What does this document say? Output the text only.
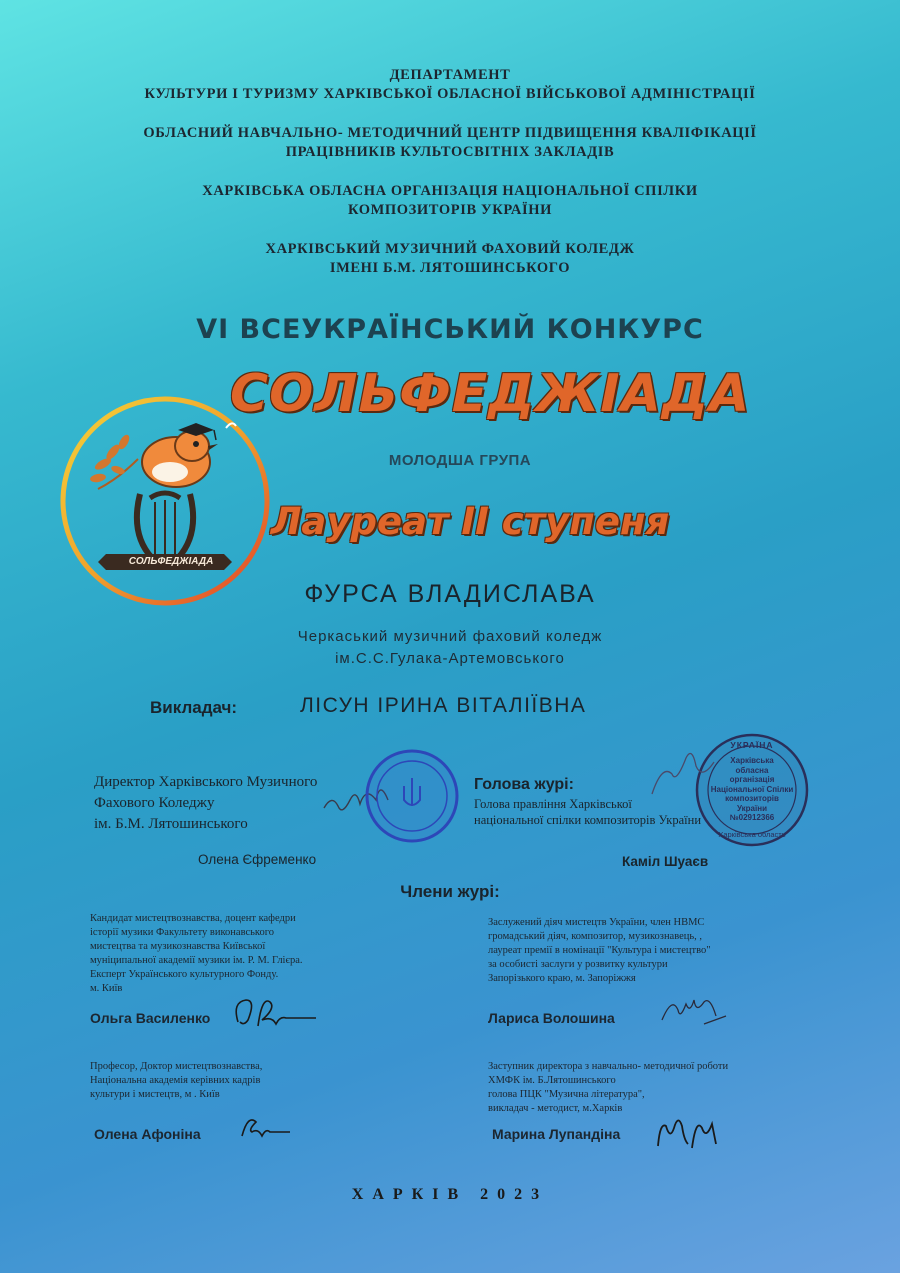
ДЕПАРТАМЕНТ
КУЛЬТУРИ І ТУРИЗМУ ХАРКІВСЬКОЇ ОБЛАСНОЇ ВІЙСЬКОВОЇ АДМІНІСТРАЦІЇ
ОБЛАСНИЙ НАВЧАЛЬНО- МЕТОДИЧНИЙ ЦЕНТР ПІДВИЩЕННЯ КВАЛІФІКАЦІЇ
ПРАЦІВНИКІВ КУЛЬТОСВІТНІХ ЗАКЛАДІВ
ХАРКІВСЬКА ОБЛАСНА ОРГАНІЗАЦІЯ НАЦІОНАЛЬНОЇ СПІЛКИ
КОМПОЗИТОРІВ УКРАЇНИ
ХАРКІВСЬКИЙ МУЗИЧНИЙ ФАХОВИЙ КОЛЕДЖ
ІМЕНІ Б.М. ЛЯТОШИНСЬКОГО
VI ВСЕУКРАЇНСЬКИЙ КОНКУРС
СОЛЬФЕДЖІАДА
МОЛОДША ГРУПА
Лауреат II ступеня
СОЛЬФЕДЖІАДА
ФУРСА ВЛАДИСЛАВА
Черкаський музичний фаховий коледж
ім.С.С.Гулака-Артемовського
Викладач:	ЛІСУН ІРИНА ВІТАЛІЇВНА
Директор Харківського Музичного
Фахового Коледжу
ім. Б.М. Лятошинського
Олена Єфременко
Голова журі:
Голова правління Харківської
національної спілки композиторів України
Каміл Шуаєв
УКРАЇНА
Харківська
обласна
організація
Національної Спілки
композиторів
України
№02912366
Харківська область
Члени журі:
Кандидат мистецтвознавства, доцент кафедри
історії музики Факультету виконавського
мистецтва та музикознавства Київської
муніципальної академії музики ім. Р. М. Глієра.
Експерт Українського культурного Фонду.
м. Київ
Ольга Василенко
Заслужений діяч мистецтв України, член НВМС
громадський діяч, композитор, музикознавець, ,
лауреат премії в номінації "Культура і мистецтво"
за особисті заслуги у розвитку культури
Запорізького краю, м. Запоріжжя
Лариса Волошина
Професор, Доктор мистецтвознавства,
Національна академія керівних кадрів
культури і мистецтв, м . Київ
Олена Афоніна
Заступник директора з навчально- методичної роботи
ХМФК ім. Б.Лятошинського
голова ПЦК "Музична література",
викладач - методист, м.Харків
Марина Лупандіна
ХАРКІВ 2023
